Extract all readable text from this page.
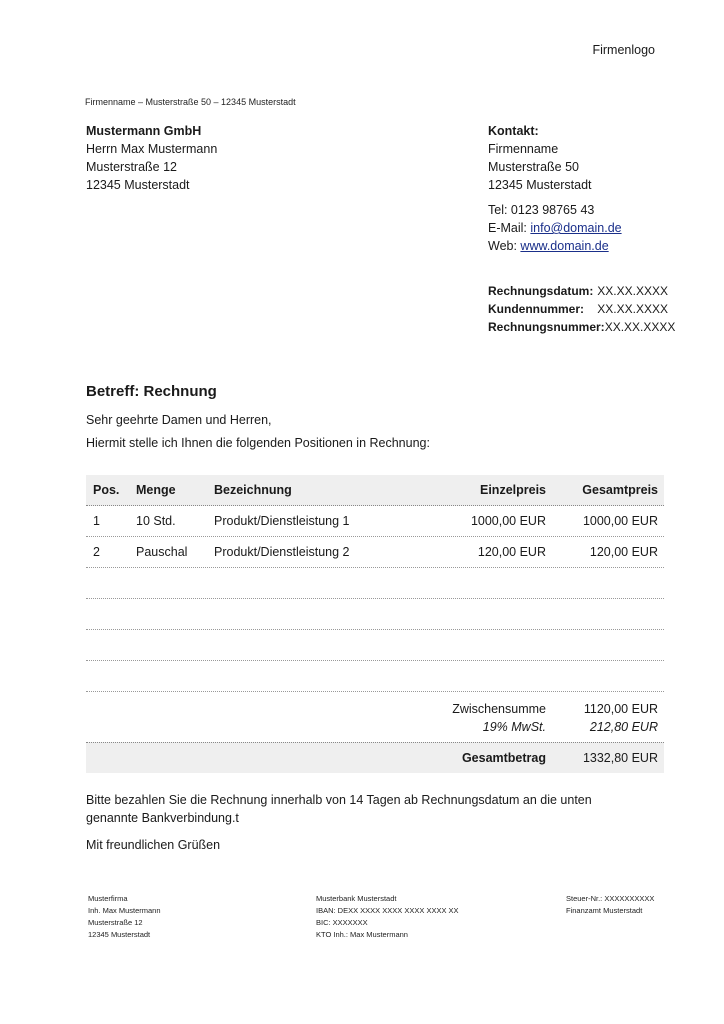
Firmenlogo
Firmenname – Musterstraße 50 – 12345 Musterstadt
Mustermann GmbH
Herrn Max Mustermann
Musterstraße 12
12345 Musterstadt
Kontakt:
Firmenname
Musterstraße 50
12345 Musterstadt
Tel: 0123 98765 43
E-Mail: info@domain.de
Web: www.domain.de
Rechnungsdatum: XX.XX.XXXX
Kundennummer: XX.XX.XXXX
Rechnungsnummer: XX.XX.XXXX
Betreff: Rechnung
Sehr geehrte Damen und Herren,
Hiermit stelle ich Ihnen die folgenden Positionen in Rechnung:
Pos.	Menge	Bezeichnung	Einzelpreis	Gesamtpreis
1	10 Std.	Produkt/Dienstleistung 1	1000,00 EUR	1000,00 EUR
2	Pauschal	Produkt/Dienstleistung 2	120,00 EUR	120,00 EUR
Zwischensumme	1120,00 EUR
19% MwSt.	212,80 EUR
Gesamtbetrag	1332,80 EUR
Bitte bezahlen Sie die Rechnung innerhalb von 14 Tagen ab Rechnungsdatum an die unten genannte Bankverbindung.t
Mit freundlichen Grüßen
Musterfirma
Inh. Max Mustermann
Musterstraße 12
12345 Musterstadt
Musterbank Musterstadt
IBAN: DEXX XXXX XXXX XXXX XXXX XX
BIC: XXXXXXX
KTO Inh.: Max Mustermann
Steuer-Nr.: XXXXXXXXXX
Finanzamt Musterstadt
